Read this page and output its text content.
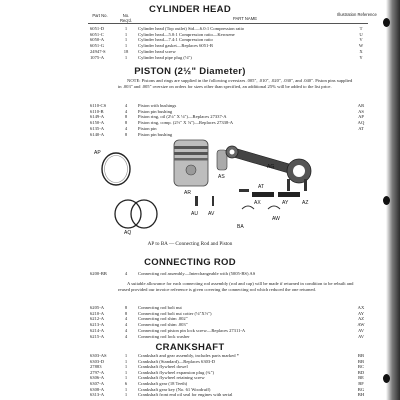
CYLINDER HEAD
Part No.	No. Req'd.	PART NAME
Illustration Reference
6051-D	1	Cylinder head (Top outlet) Std.—6.0:1 Compression ratio	T
6051-C	1	Cylinder head—5.0:1 Compression ratio—Kerosene	U
6050-A	1	Cylinder head—7.4:1 Compression ratio	V
6051-G	1	Cylinder head gasket—Replaces 6051-B	W
24947-S	18	Cylinder head screw	X
1075-A	1	Cylinder head pipe plug (⅛")	Y
PISTON (2½" Diameter)
NOTE: Pistons and rings are supplied in the following oversizes .005", .010", .020", .030", and .040". Piston pins supplied in .003" and .005" oversize on orders for sizes other than specified, an additional 25% will be added to the list price.
6110-CS	4	Piston with bushings	AR
6110-B	4	Piston pin bushing	AS
6149-A	8	Piston ring, oil (2⅛" X ⅛")—Replaces 27337-A	AP
6150-A	8	Piston ring, comp. (2½" X ⅛")—Replaces 27338-A	AQ
6135-A	4	Piston pin	AT
6140-A	8	Piston pin bushing
AP
AQ
AR
AS
AT
AU AV
AW
AX	AY	AZ
BA
AG
AP to BA — Connecting Rod and Piston
CONNECTING ROD
6200-BB	4	Connecting rod assembly—Interchangeable with (5005-BS) AS
A suitable allowance for each connecting rod assembly (rod and cap) will be made if returned in condition to be rebuilt and reused provided our invoice reference is given covering the connecting rod which reduced the one returned.
6205-A	8	Connecting rod bolt nut	AX
6210-A	8	Connecting rod bolt nut cotter (⅛"X½")	AY
6212-A	4	Connecting rod shim .002"	AZ
6213-A	4	Connecting rod shim .003"	AW
6214-A	4	Connecting rod piston pin lock screw—Replaces 27311-A	AV
6215-A	4	Connecting rod lock washer	AV
CRANKSHAFT
6303-AS	1	Crankshaft and gear assembly, includes parts marked *	BB
6303-D	1	Crankshaft (Standard)—Replaces 6303-D	BB
27883	1	Crankshaft flywheel dowel	BC
2797-A	1	Crankshaft flywheel expansion plug (¾")	BD
6306-A	1	Crankshaft flywheel retaining screw	BE
6307-A	6	Crankshaft gear (18 Teeth)	BF
6308-A	1	Crankshaft gear key (No. 61 Woodruff)	BG
6313-A	1	Crankshaft front end oil seal for engines with serial	BH
